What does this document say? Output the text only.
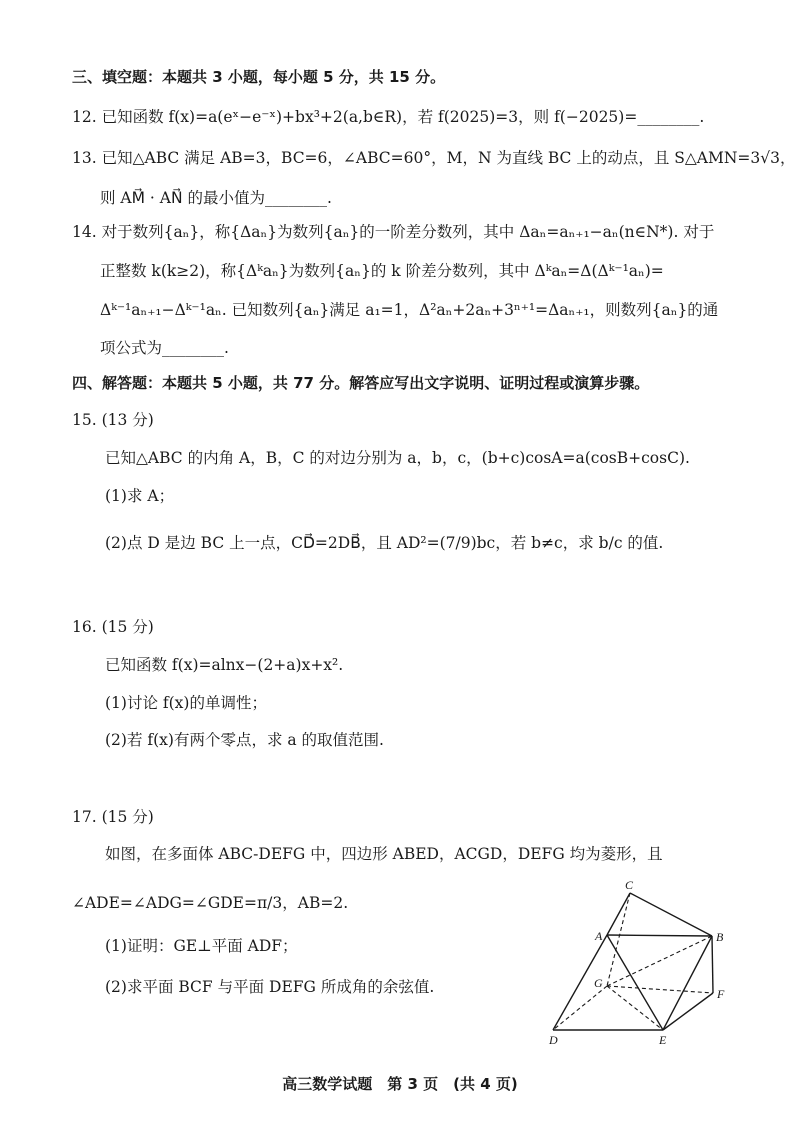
三、填空题：本题共 3 小题，每小题 5 分，共 15 分。
12. 已知函数 f(x)=a(eˣ−e⁻ˣ)+bx³+2(a,b∈R)，若 f(2025)=3，则 f(−2025)=________.
13. 已知△ABC 满足 AB=3，BC=6，∠ABC=60°，M，N 为直线 BC 上的动点，且 S△AMN=3√3，
则 AM⃗ · AN⃗ 的最小值为________.
14. 对于数列{aₙ}，称{Δaₙ}为数列{aₙ}的一阶差分数列，其中 Δaₙ=aₙ₊₁−aₙ(n∈N*). 对于
正整数 k(k≥2)，称{Δᵏaₙ}为数列{aₙ}的 k 阶差分数列，其中 Δᵏaₙ=Δ(Δᵏ⁻¹aₙ)=
Δᵏ⁻¹aₙ₊₁−Δᵏ⁻¹aₙ. 已知数列{aₙ}满足 a₁=1，Δ²aₙ+2aₙ+3ⁿ⁺¹=Δaₙ₊₁，则数列{aₙ}的通
项公式为________.
四、解答题：本题共 5 小题，共 77 分。解答应写出文字说明、证明过程或演算步骤。
15. (13 分)
已知△ABC 的内角 A，B，C 的对边分别为 a，b，c，(b+c)cosA=a(cosB+cosC).
(1)求 A；
(2)点 D 是边 BC 上一点，CD⃗=2DB⃗，且 AD²=(7/9)bc，若 b≠c，求 b/c 的值.
16. (15 分)
已知函数 f(x)=alnx−(2+a)x+x².
(1)讨论 f(x)的单调性；
(2)若 f(x)有两个零点，求 a 的取值范围.
17. (15 分)
如图，在多面体 ABC-DEFG 中，四边形 ABED，ACGD，DEFG 均为菱形，且
∠ADE=∠ADG=∠GDE=π/3，AB=2.
(1)证明：GE⊥平面 ADF；
(2)求平面 BCF 与平面 DEFG 所成角的余弦值.
C
A	B
G
F
D	E
高三数学试题　第 3 页　(共 4 页)
